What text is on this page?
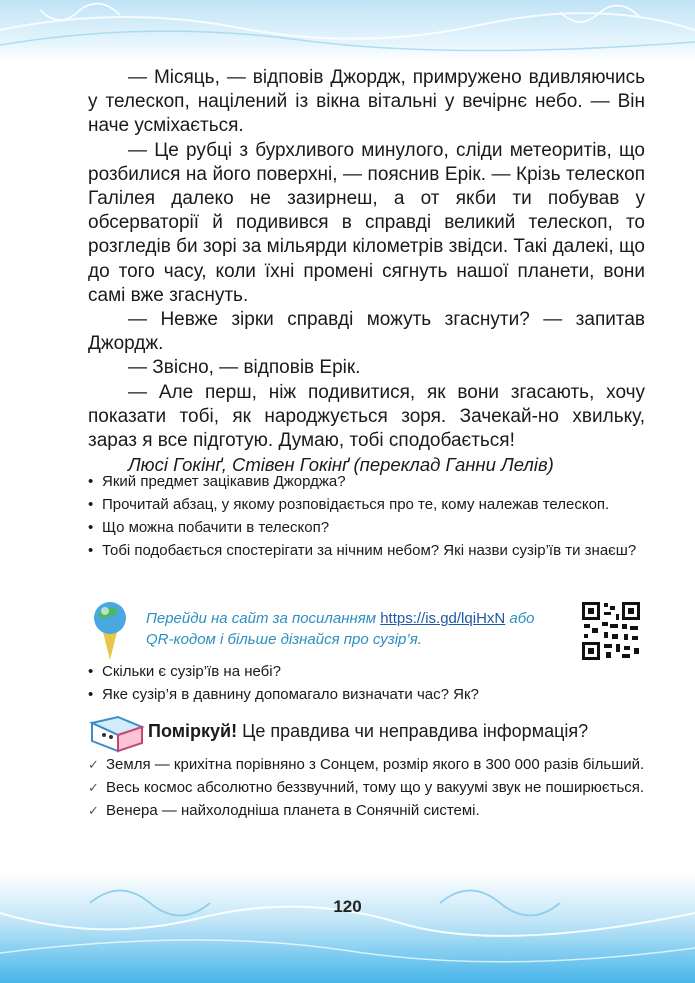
— Місяць, — відповів Джордж, примружено вдивляючись у телескоп, націлений із вікна вітальні у вечірнє небо. — Він наче усміхається.

— Це рубці з бурхливого минулого, сліди метеоритів, що розбилися на його поверхні, — пояснив Ерік. — Крізь телескоп Галілея далеко не зазирнеш, а от якби ти побував у обсерваторії й подивився в справді великий телескоп, то розгледів би зорі за мільярди кілометрів звідси. Такі далекі, що до того часу, коли їхні промені сягнуть нашої планети, вони самі вже згаснуть.

— Невже зірки справді можуть згаснути? — запитав Джордж.

— Звісно, — відповів Ерік.

— Але перш, ніж подивитися, як вони згасають, хочу показати тобі, як народжується зоря. Зачекай-но хвильку, зараз я все підготую. Думаю, тобі сподобається!

Люсі Гокінґ, Стівен Гокінґ (переклад Ганни Лелів)

• Який предмет зацікавив Джорджа?
• Прочитай абзац, у якому розповідається про те, кому належав телескоп.
• Що можна побачити в телескоп?
• Тобі подобається спостерігати за нічним небом? Які назви сузір’їв ти знаєш?
Перейди на сайт за посиланням https://is.gd/lqiHxN або QR-кодом і більше дізнайся про сузір’я.
• Скільки є сузір’їв на небі?
• Яке сузір’я в давнину допомагало визначати час? Як?
Поміркуй! Це правдива чи неправдива інформація?
✓ Земля — крихітна порівняно з Сонцем, розмір якого в 300 000 разів більший.
✓ Весь космос абсолютно беззвучний, тому що у вакуумі звук не поширюється.
✓ Венера — найхолодніша планета в Сонячній системі.
120
